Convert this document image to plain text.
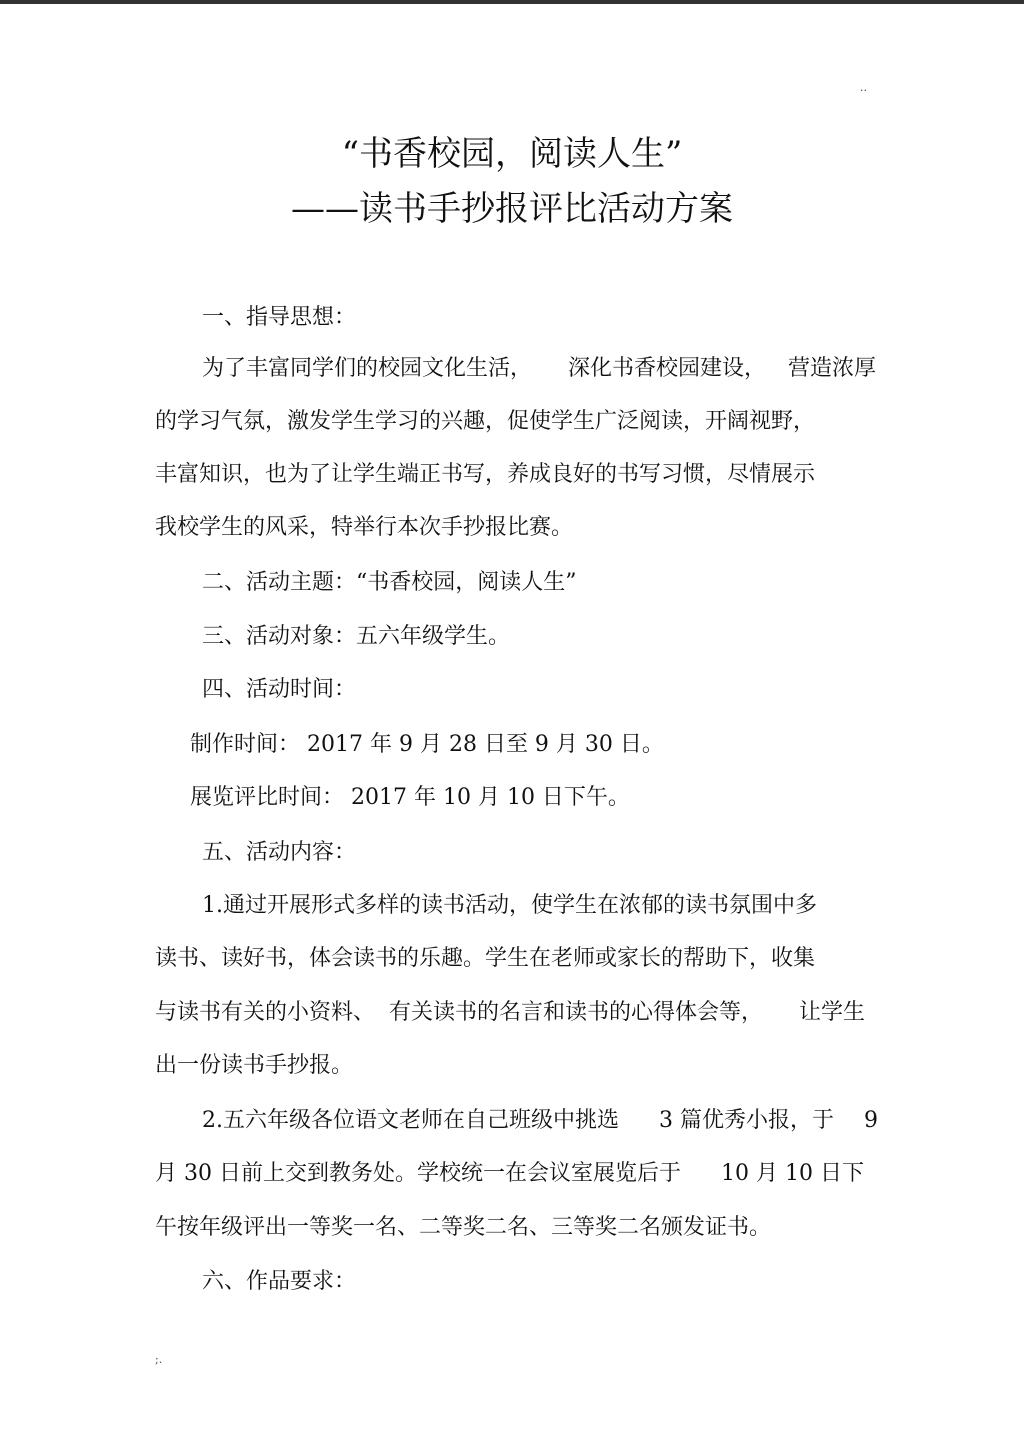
..
“书香校园，阅读人生”
——读书手抄报评比活动方案
一、指导思想：
为了丰富同学们的校园文化生活， 深化书香校园建设， 营造浓厚
的学习气氛，激发学生学习的兴趣，促使学生广泛阅读，开阔视野，
丰富知识，也为了让学生端正书写，养成良好的书写习惯，尽情展示
我校学生的风采，特举行本次手抄报比赛。
二、活动主题：“书香校园，阅读人生”
三、活动对象：五六年级学生。
四、活动时间：
制作时间： 2017 年 9 月 28 日至 9 月 30 日。
展览评比时间： 2017 年 10 月 10 日下午。
五、活动内容：
1.通过开展形式多样的读书活动，使学生在浓郁的读书氛围中多
读书、读好书，体会读书的乐趣。学生在老师或家长的帮助下，收集
与读书有关的小资料、 有关读书的名言和读书的心得体会等， 让学生
出一份读书手抄报。
2.五六年级各位语文老师在自己班级中挑选 3 篇优秀小报，于 9
月 30 日前上交到教务处。学校统一在会议室展览后于 10 月 10 日下
午按年级评出一等奖一名、二等奖二名、三等奖二名颁发证书。
六、作品要求：
;.
